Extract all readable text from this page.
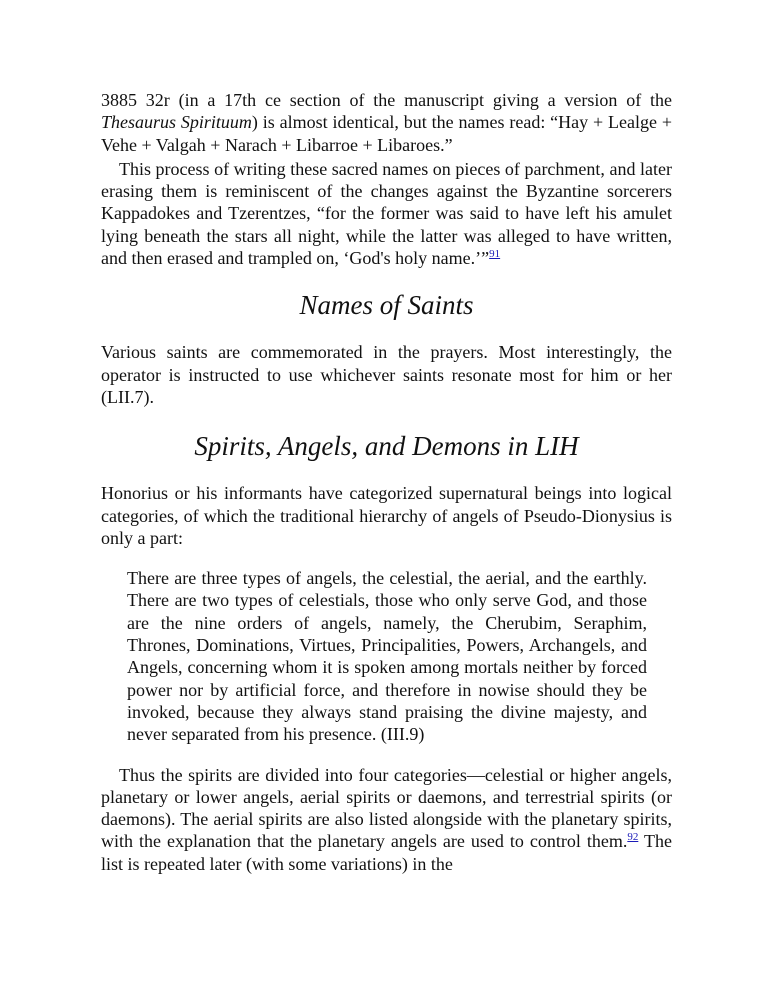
3885 32r (in a 17th ce section of the manuscript giving a version of the Thesaurus Spirituum) is almost identical, but the names read: “Hay + Lealge + Vehe + Valgah + Narach + Libarroe + Libaroes.”

This process of writing these sacred names on pieces of parchment, and later erasing them is reminiscent of the changes against the Byzantine sorcerers Kappadokes and Tzerentzes, “for the former was said to have left his amulet lying beneath the stars all night, while the latter was alleged to have written, and then erased and trampled on, ‘God's holy name.’”$^{91}$

Names of Saints

Various saints are commemorated in the prayers. Most interestingly, the operator is instructed to use whichever saints resonate most for him or her (LII.7).

Spirits, Angels, and Demons in LIH

Honorius or his informants have categorized supernatural beings into logical categories, of which the traditional hierarchy of angels of Pseudo-Dionysius is only a part:

There are three types of angels, the celestial, the aerial, and the earthly. There are two types of celestials, those who only serve God, and those are the nine orders of angels, namely, the Cherubim, Seraphim, Thrones, Dominations, Virtues, Principalities, Powers, Archangels, and Angels, concerning whom it is spoken among mortals neither by forced power nor by artificial force, and therefore in nowise should they be invoked, because they always stand praising the divine majesty, and never separated from his presence. (III.9)

Thus the spirits are divided into four categories—celestial or higher angels, planetary or lower angels, aerial spirits or daemons, and terrestrial spirits (or daemons). The aerial spirits are also listed alongside with the planetary spirits, with the explanation that the planetary angels are used to control them.$^{92}$ The list is repeated later (with some variations) in the
